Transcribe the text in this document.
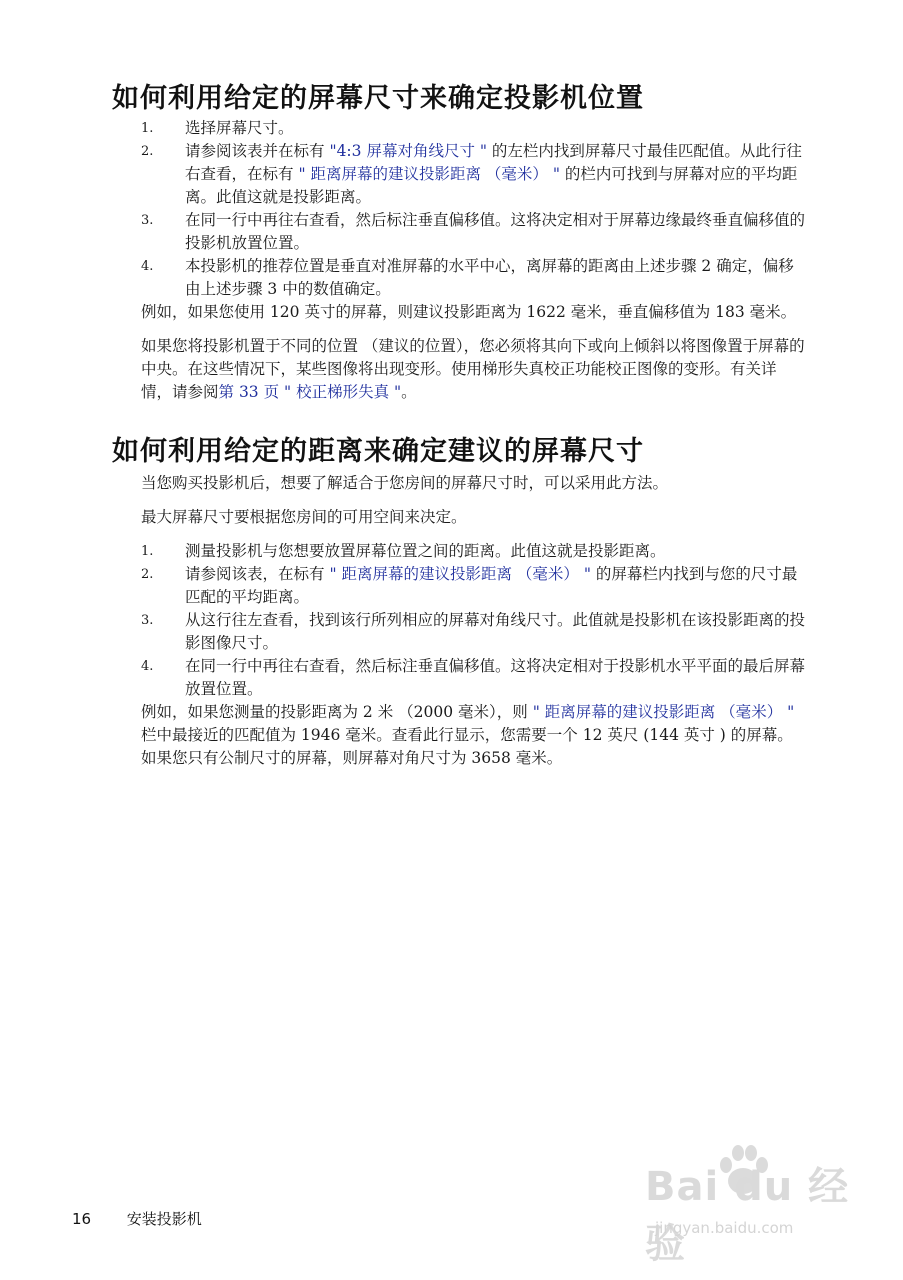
如何利用给定的屏幕尺寸来确定投影机位置
1. 选择屏幕尺寸。
2. 请参阅该表并在标有 "4:3 屏幕对角线尺寸 " 的左栏内找到屏幕尺寸最佳匹配值。从此行往右查看，在标有 " 距离屏幕的建议投影距离 （毫米） " 的栏内可找到与屏幕对应的平均距离。此值这就是投影距离。
3. 在同一行中再往右查看，然后标注垂直偏移值。这将决定相对于屏幕边缘最终垂直偏移值的投影机放置位置。
4. 本投影机的推荐位置是垂直对准屏幕的水平中心，离屏幕的距离由上述步骤 2 确定，偏移由上述步骤 3 中的数值确定。
例如，如果您使用 120 英寸的屏幕，则建议投影距离为 1622 毫米，垂直偏移值为 183 毫米。
如果您将投影机置于不同的位置 （建议的位置），您必须将其向下或向上倾斜以将图像置于屏幕的中央。在这些情况下，某些图像将出现变形。使用梯形失真校正功能校正图像的变形。有关详情，请参阅第 33 页 " 校正梯形失真 "。
如何利用给定的距离来确定建议的屏幕尺寸
当您购买投影机后，想要了解适合于您房间的屏幕尺寸时，可以采用此方法。
最大屏幕尺寸要根据您房间的可用空间来决定。
1. 测量投影机与您想要放置屏幕位置之间的距离。此值这就是投影距离。
2. 请参阅该表，在标有 " 距离屏幕的建议投影距离 （毫米） " 的屏幕栏内找到与您的尺寸最匹配的平均距离。
3. 从这行往左查看，找到该行所列相应的屏幕对角线尺寸。此值就是投影机在该投影距离的投影图像尺寸。
4. 在同一行中再往右查看，然后标注垂直偏移值。这将决定相对于投影机水平平面的最后屏幕放置位置。
例如，如果您测量的投影距离为 2 米 （2000 毫米），则 " 距离屏幕的建议投影距离 （毫米） " 栏中最接近的匹配值为 1946 毫米。查看此行显示，您需要一个 12 英尺 (144 英寸 ) 的屏幕。如果您只有公制尺寸的屏幕，则屏幕对角尺寸为 3658 毫米。
16 安装投影机
Bai du 经验
jingyan.baidu.com
